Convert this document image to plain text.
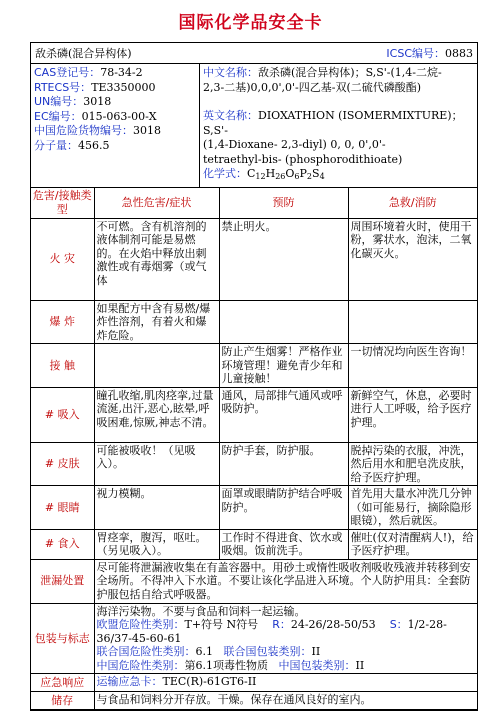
国际化学品安全卡
敌杀磷(混合异构体)	ICSC编号：0883
CAS登记号：78-34-2
RTECS号：TE3350000
UN编号：3018
EC编号：015-063-00-X
中国危险货物编号：3018
分子量：456.5
中文名称：敌杀磷(混合异构体)；S,S'-(1,4-二烷-
2,3-二基)0,0,0',0'-四乙基-双(二硫代磷酸酯)
英文名称：DIOXATHION (ISOMERMIXTURE)；S,S'-
(1,4-Dioxane- 2,3-diyl) 0, 0, 0',0'-
tetraethyl-bis- (phosphorodithioate)
化学式：$C_{12}H_{26}O_6P_2S_4$
危害/接触类型	急性危害/症状	预防	急救/消防
火 灾	不可燃。含有机溶剂的液体制剂可能是易燃的。在火焰中释放出刺激性或有毒烟雾（或气体	禁止明火。	周围环境着火时，使用干粉，雾状水，泡沫，二氧化碳灭火。
爆 炸	如果配方中含有易燃/爆炸性溶剂，有着火和爆炸危险。		
接 触		防止产生烟雾！严格作业环境管理！避免青少年和儿童接触！	一切情况均向医生咨询！
# 吸入	瞳孔收缩,肌肉痉挛,过量流涎,出汗,恶心,眩晕,呼吸困难,惊厥,神志不清。	通风，局部排气通风或呼吸防护。	新鲜空气，休息，必要时进行人工呼吸，给予医疗护理。
# 皮肤	可能被吸收！（见吸入）。	防护手套，防护服。	脱掉污染的衣服，冲洗，然后用水和肥皂洗皮肤，给予医疗护理。
# 眼睛	视力模糊。	面罩或眼睛防护结合呼吸防护。	首先用大量水冲洗几分钟（如可能易行，摘除隐形眼镜），然后就医。
# 食入	胃痉挛，腹泻，呕吐。（另见吸入）。	工作时不得进食、饮水或吸烟。饭前洗手。	催吐(仅对清醒病人!)，给予医疗护理。
泄漏处置	尽可能将泄漏液收集在有盖容器中。用砂土或惰性吸收剂吸收残液并转移到安全场所。不得冲入下水道。不要让该化学品进入环境。个人防护用具：全套防护服包括自给式呼吸器。		
包装与标志	海洋污染物。不要与食品和饲料一起运输。
欧盟危险性类别：T+符号 N符号 R：24-26/28-50/53 S：1/2-28-36/37-45-60-61
联合国危险性类别：6.1 联合国包装类别：II
中国危险性类别：第6.1项毒性物质 中国包装类别：II		

应急响应	运输应急卡：TEC(R)-61GT6-II		
储存	与食品和饲料分开存放。干燥。保存在通风良好的室内。		
